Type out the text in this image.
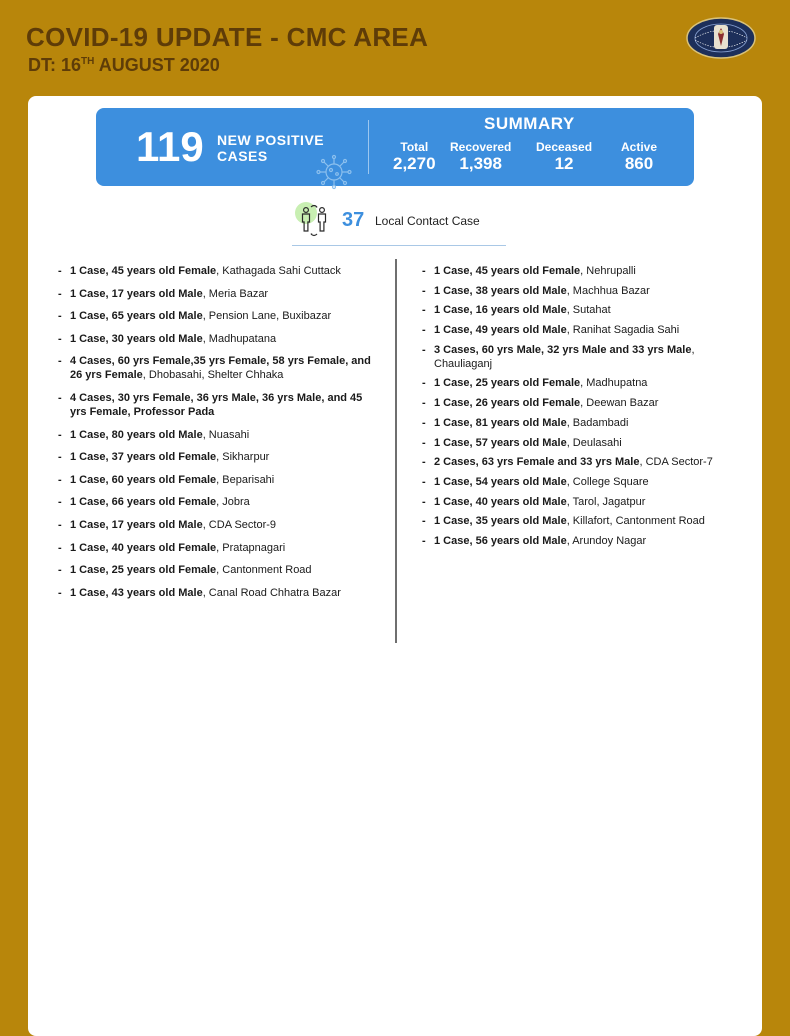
COVID-19 UPDATE - CMC AREA
DT: 16TH AUGUST 2020
119 NEW POSITIVE
CASES
SUMMARY
Total
2,270
Recovered
1,398
Deceased
12
Active
860
37 Local Contact Case
- 1 Case, 45 years old Female, Kathagada Sahi Cuttack
- 1 Case, 17 years old Male, Meria Bazar
- 1 Case, 65 years old Male, Pension Lane, Buxibazar
- 1 Case, 30 years old Male, Madhupatana
- 4 Cases, 60 yrs Female,35 yrs Female, 58 yrs Female, and 26 yrs Female, Dhobasahi, Shelter Chhaka
- 4 Cases, 30 yrs Female, 36 yrs Male, 36 yrs Male, and 45 yrs Female, Professor Pada
- 1 Case, 80 years old Male, Nuasahi
- 1 Case, 37 years old Female, Sikharpur
- 1 Case, 60 years old Female, Beparisahi
- 1 Case, 66 years old Female, Jobra
- 1 Case, 17 years old Male, CDA Sector-9
- 1 Case, 40 years old Female, Pratapnagari
- 1 Case, 25 years old Female, Cantonment Road
- 1 Case, 43 years old Male, Canal Road Chhatra Bazar
- 1 Case, 45 years old Female, Nehrupalli
- 1 Case, 38 years old Male, Machhua Bazar
- 1 Case, 16 years old Male, Sutahat
- 1 Case, 49 years old Male, Ranihat Sagadia Sahi
- 3 Cases, 60 yrs Male, 32 yrs Male and 33 yrs Male, Chauliaganj
- 1 Case, 25 years old Female, Madhupatna
- 1 Case, 26 years old Female, Deewan Bazar
- 1 Case, 81 years old Male, Badambadi
- 1 Case, 57 years old Male, Deulasahi
- 2 Cases, 63 yrs Female and 33 yrs Male, CDA Sector-7
- 1 Case, 54 years old Male, College Square
- 1 Case, 40 years old Male, Tarol, Jagatpur
- 1 Case, 35 years old Male, Killafort, Cantonment Road
- 1 Case, 56 years old Male, Arundoy Nagar
